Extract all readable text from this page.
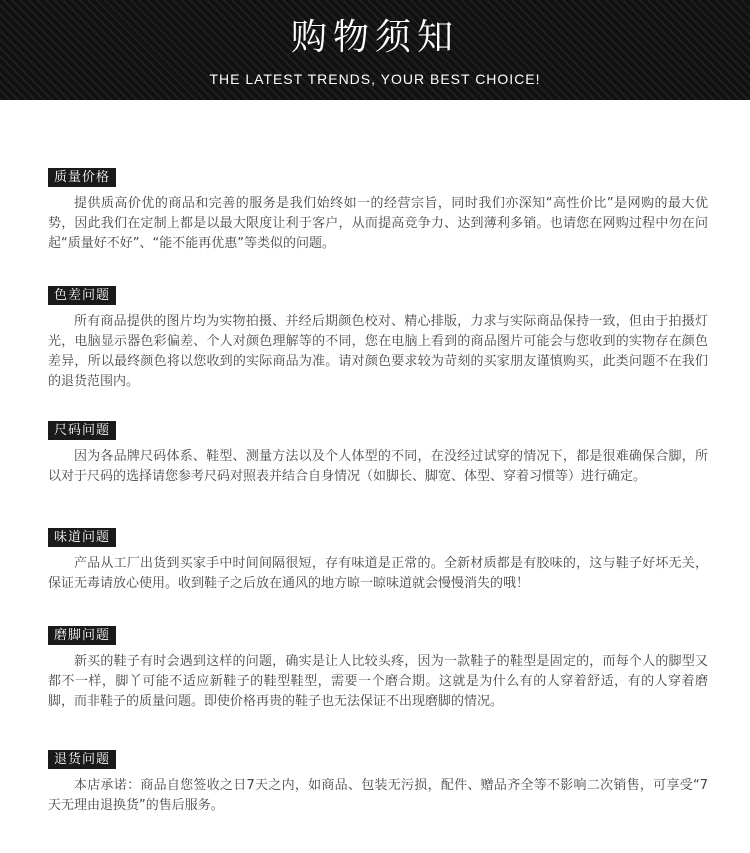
购物须知
THE LATEST TRENDS, YOUR BEST CHOICE!
质量价格
提供质高价优的商品和完善的服务是我们始终如一的经营宗旨，同时我们亦深知“高性价比”是网购的最大优势，因此我们在定制上都是以最大限度让利于客户，从而提高竞争力、达到薄利多销。也请您在网购过程中勿在问起“质量好不好”、“能不能再优惠”等类似的问题。
色差问题
所有商品提供的图片均为实物拍摄、并经后期颜色校对、精心排版，力求与实际商品保持一致，但由于拍摄灯光，电脑显示器色彩偏差、个人对颜色理解等的不同，您在电脑上看到的商品图片可能会与您收到的实物存在颜色差异，所以最终颜色将以您收到的实际商品为准。请对颜色要求较为苛刻的买家朋友谨慎购买，此类问题不在我们的退货范围内。
尺码问题
因为各品牌尺码体系、鞋型、测量方法以及个人体型的不同，在没经过试穿的情况下，都是很难确保合脚，所以对于尺码的选择请您参考尺码对照表并结合自身情况（如脚长、脚宽、体型、穿着习惯等）进行确定。
味道问题
产品从工厂出货到买家手中时间间隔很短，存有味道是正常的。全新材质都是有胶味的，这与鞋子好坏无关，保证无毒请放心使用。收到鞋子之后放在通风的地方晾一晾味道就会慢慢消失的哦！
磨脚问题
新买的鞋子有时会遇到这样的问题，确实是让人比较头疼，因为一款鞋子的鞋型是固定的，而每个人的脚型又都不一样，脚丫可能不适应新鞋子的鞋型鞋型，需要一个磨合期。这就是为什么有的人穿着舒适，有的人穿着磨脚，而非鞋子的质量问题。即使价格再贵的鞋子也无法保证不出现磨脚的情况。
退货问题
本店承诺：商品自您签收之日7天之内，如商品、包装无污损，配件、赠品齐全等不影响二次销售，可享受“7天无理由退换货”的售后服务。
